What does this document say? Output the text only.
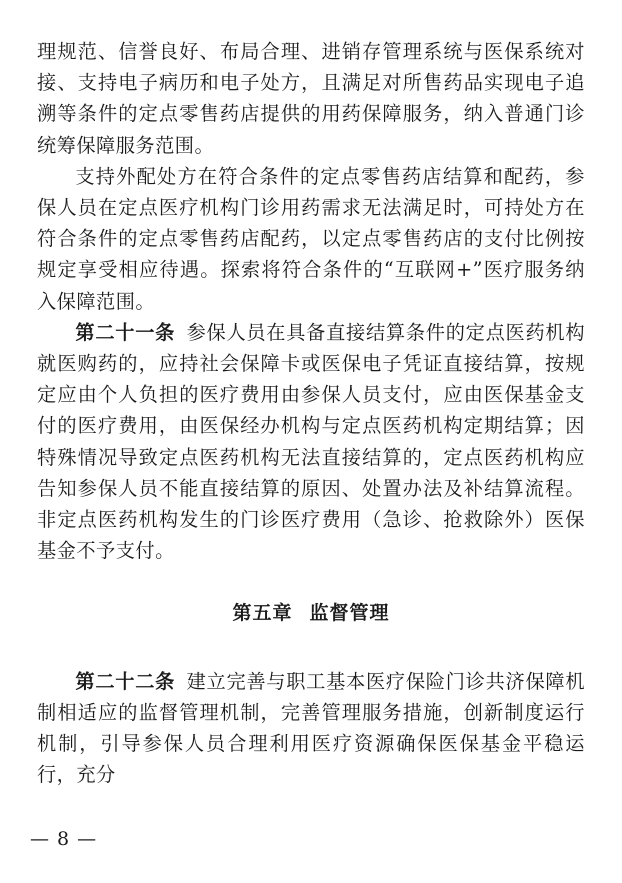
理规范、信誉良好、布局合理、进销存管理系统与医保系统对接、支持电子病历和电子处方，且满足对所售药品实现电子追溯等条件的定点零售药店提供的用药保障服务，纳入普通门诊统筹保障服务范围。

支持外配处方在符合条件的定点零售药店结算和配药，参保人员在定点医疗机构门诊用药需求无法满足时，可持处方在符合条件的定点零售药店配药，以定点零售药店的支付比例按规定享受相应待遇。探索将符合条件的“互联网+”医疗服务纳入保障范围。

第二十一条 参保人员在具备直接结算条件的定点医药机构就医购药的，应持社会保障卡或医保电子凭证直接结算，按规定应由个人负担的医疗费用由参保人员支付，应由医保基金支付的医疗费用，由医保经办机构与定点医药机构定期结算；因特殊情况导致定点医药机构无法直接结算的，定点医药机构应告知参保人员不能直接结算的原因、处置办法及补结算流程。非定点医药机构发生的门诊医疗费用（急诊、抢救除外）医保基金不予支付。

第五章 监督管理

第二十二条 建立完善与职工基本医疗保险门诊共济保障机制相适应的监督管理机制，完善管理服务措施，创新制度运行机制，引导参保人员合理利用医疗资源确保医保基金平稳运行，充分

— 8 —
